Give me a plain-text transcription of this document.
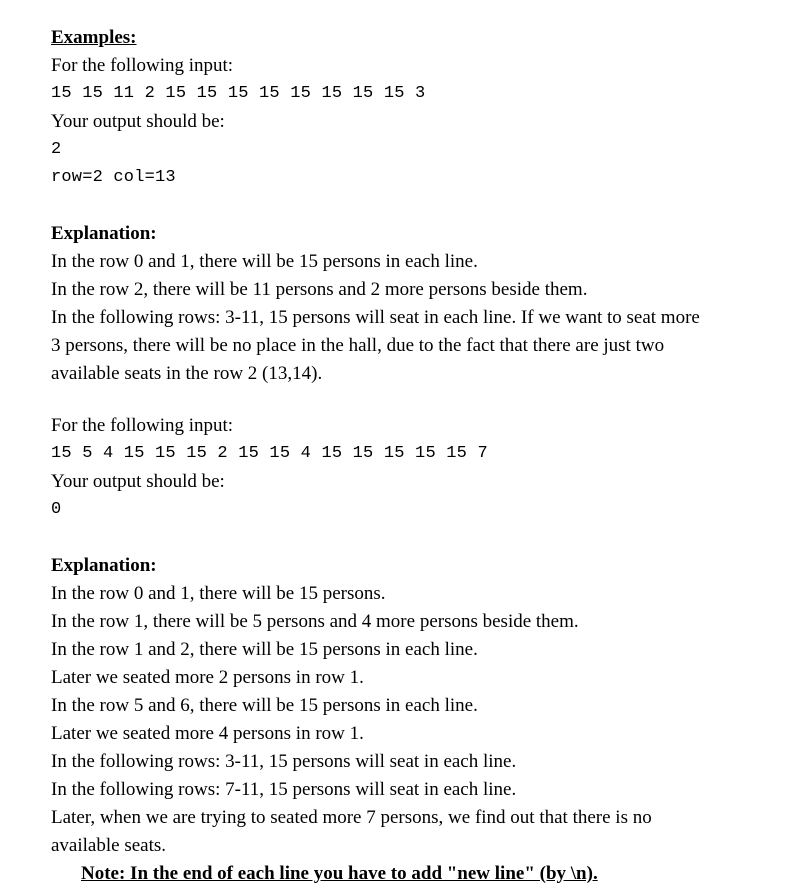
Examples:
For the following input:
15 15 11 2 15 15 15 15 15 15 15 15 3
Your output should be:
2
row=2 col=13
Explanation:
In the row 0 and 1, there will be 15 persons in each line.
In the row 2, there will be 11 persons and 2 more persons beside them.
In the following rows: 3-11, 15 persons will seat in each line. If we want to seat more
3 persons, there will be no place in the hall, due to the fact that there are just two
available seats in the row 2 (13,14).
For the following input:
15 5 4 15 15 15 2 15 15 4 15 15 15 15 15 7
Your output should be:
0
Explanation:
In the row 0 and 1, there will be 15 persons.
In the row 1, there will be 5 persons and 4 more persons beside them.
In the row 1 and 2, there will be 15 persons in each line.
Later we seated more 2 persons in row 1.
In the row 5 and 6, there will be 15 persons in each line.
Later we seated more 4 persons in row 1.
In the following rows: 3-11, 15 persons will seat in each line.
In the following rows: 7-11, 15 persons will seat in each line.
Later, when we are trying to seated more 7 persons, we find out that there is no
available seats.
Note: In the end of each line you have to add "new line" (by \n).
